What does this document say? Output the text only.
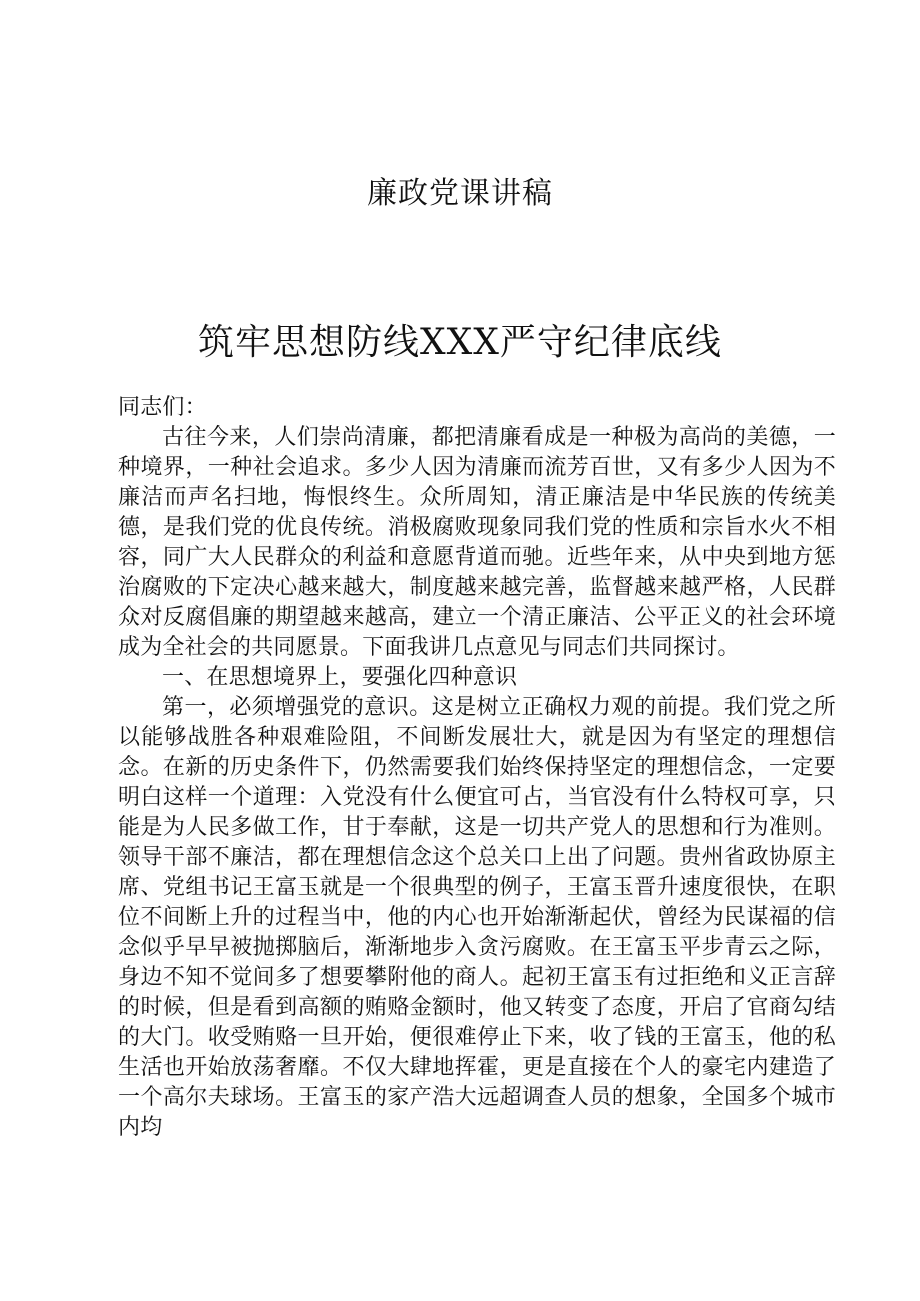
廉政党课讲稿
筑牢思想防线XXX严守纪律底线

同志们：

古往今来，人们崇尚清廉，都把清廉看成是一种极为高尚的美德，一种境界，一种社会追求。多少人因为清廉而流芳百世，又有多少人因为不廉洁而声名扫地，悔恨终生。众所周知，清正廉洁是中华民族的传统美德，是我们党的优良传统。消极腐败现象同我们党的性质和宗旨水火不相容，同广大人民群众的利益和意愿背道而驰。近些年来，从中央到地方惩治腐败的下定决心越来越大，制度越来越完善，监督越来越严格，人民群众对反腐倡廉的期望越来越高，建立一个清正廉洁、公平正义的社会环境成为全社会的共同愿景。下面我讲几点意见与同志们共同探讨。

一、在思想境界上，要强化四种意识

第一，必须增强党的意识。这是树立正确权力观的前提。我们党之所以能够战胜各种艰难险阻，不间断发展壮大，就是因为有坚定的理想信念。在新的历史条件下，仍然需要我们始终保持坚定的理想信念，一定要明白这样一个道理：入党没有什么便宜可占，当官没有什么特权可享，只能是为人民多做工作，甘于奉献，这是一切共产党人的思想和行为准则。领导干部不廉洁，都在理想信念这个总关口上出了问题。贵州省政协原主席、党组书记王富玉就是一个很典型的例子，王富玉晋升速度很快，在职位不间断上升的过程当中，他的内心也开始渐渐起伏，曾经为民谋福的信念似乎早早被抛掷脑后，渐渐地步入贪污腐败。在王富玉平步青云之际，身边不知不觉间多了想要攀附他的商人。起初王富玉有过拒绝和义正言辞的时候，但是看到高额的贿赂金额时，他又转变了态度，开启了官商勾结的大门。收受贿赂一旦开始，便很难停止下来，收了钱的王富玉，他的私生活也开始放荡奢靡。不仅大肆地挥霍，更是直接在个人的豪宅内建造了一个高尔夫球场。王富玉的家产浩大远超调查人员的想象，全国多个城市内均
